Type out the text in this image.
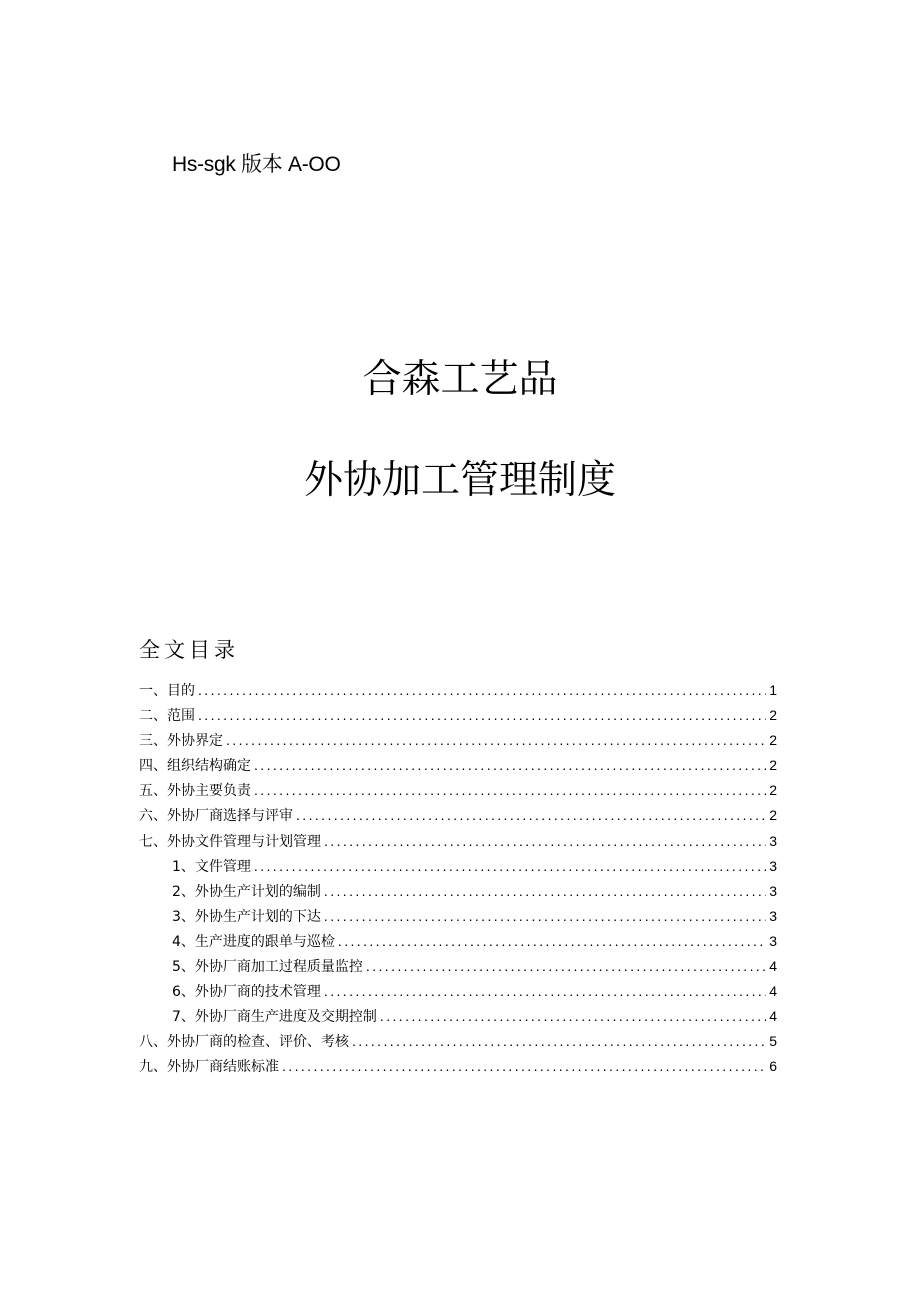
Hs-sgk 版本 A-OO
合森工艺品
外协加工管理制度
全文目录
一、目的 .....	1
二、范围 .....	2
三、外协界定 .....	2
四、组织结构确定 .....	2
五、外协主要负责 .....	2
六、外协厂商选择与评审 .....	2
七、外协文件管理与计划管理 .....	3
1、文件管理 .....	3
2、外协生产计划的编制 .....	3
3、外协生产计划的下达 .....	3
4、生产进度的跟单与巡检 .....	3
5、外协厂商加工过程质量监控 .....	4
6、外协厂商的技术管理 .....	4
7、外协厂商生产进度及交期控制 .....	4
八、外协厂商的检查、评价、考核 .....	5
九、外协厂商结账标准 .....	6
